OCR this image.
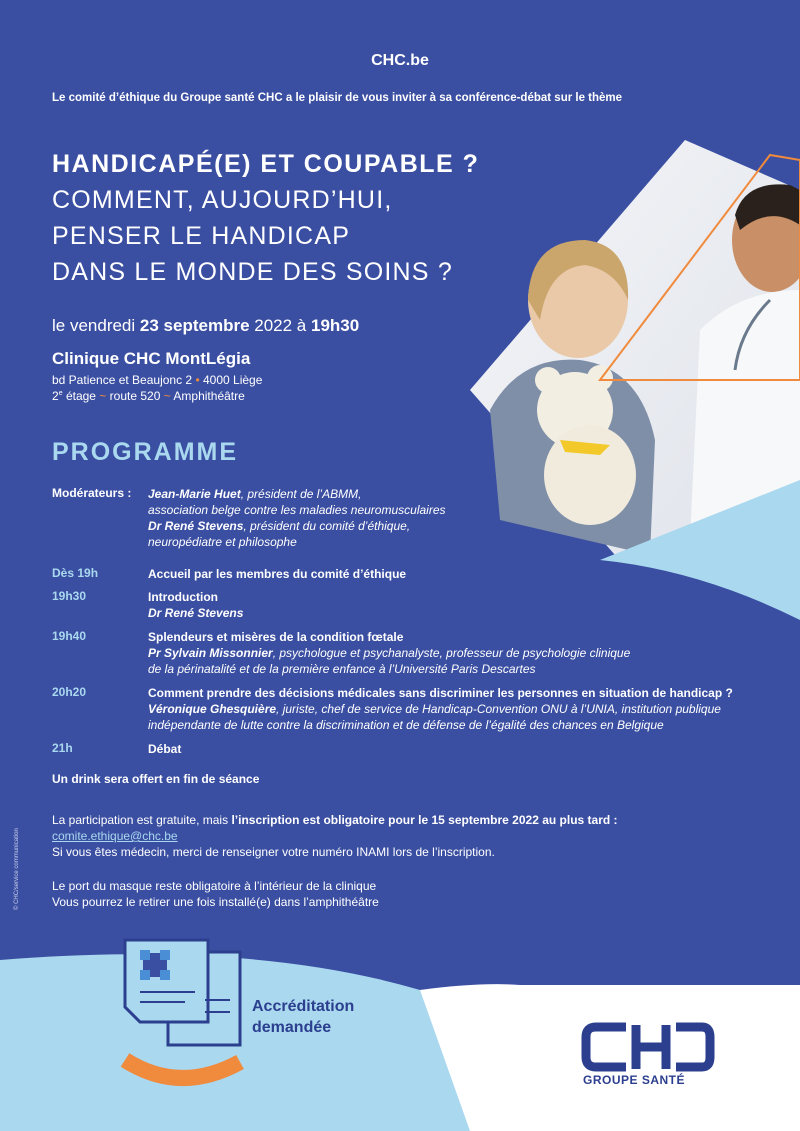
CHC.be
Le comité d’éthique du Groupe santé CHC a le plaisir de vous inviter à sa conférence-débat sur le thème
HANDICAPÉ(E) ET COUPABLE ?
COMMENT, AUJOURD’HUI,
PENSER LE HANDICAP
DANS LE MONDE DES SOINS ?
le vendredi 23 septembre 2022 à 19h30
Clinique CHC MontLégia
bd Patience et Beaujonc 2 • 4000 Liège
2e étage ~ route 520 ~ Amphithéâtre
PROGRAMME
Modérateurs : Jean-Marie Huet, président de l’ABMM,
association belge contre les maladies neuromusculaires
Dr René Stevens, président du comité d’éthique,
neuropédiatre et philosophe
Dès 19h	Accueil par les membres du comité d’éthique
19h30	Introduction
Dr René Stevens
19h40	Splendeurs et misères de la condition fœtale
Pr Sylvain Missonnier, psychologue et psychanalyste, professeur de psychologie clinique
de la périnatalité et de la première enfance à l’Université Paris Descartes
20h20	Comment prendre des décisions médicales sans discriminer les personnes en situation de handicap ?
Véronique Ghesquière, juriste, chef de service de Handicap-Convention ONU à l’UNIA, institution publique
indépendante de lutte contre la discrimination et de défense de l’égalité des chances en Belgique
21h	Débat
Un drink sera offert en fin de séance
La participation est gratuite, mais l’inscription est obligatoire pour le 15 septembre 2022 au plus tard :
comite.ethique@chc.be
Si vous êtes médecin, merci de renseigner votre numéro INAMI lors de l’inscription.
Le port du masque reste obligatoire à l’intérieur de la clinique
Vous pourrez le retirer une fois installé(e) dans l’amphithéâtre
© CHC/service communication
Accréditation
demandée
GROUPE SANTÉ
